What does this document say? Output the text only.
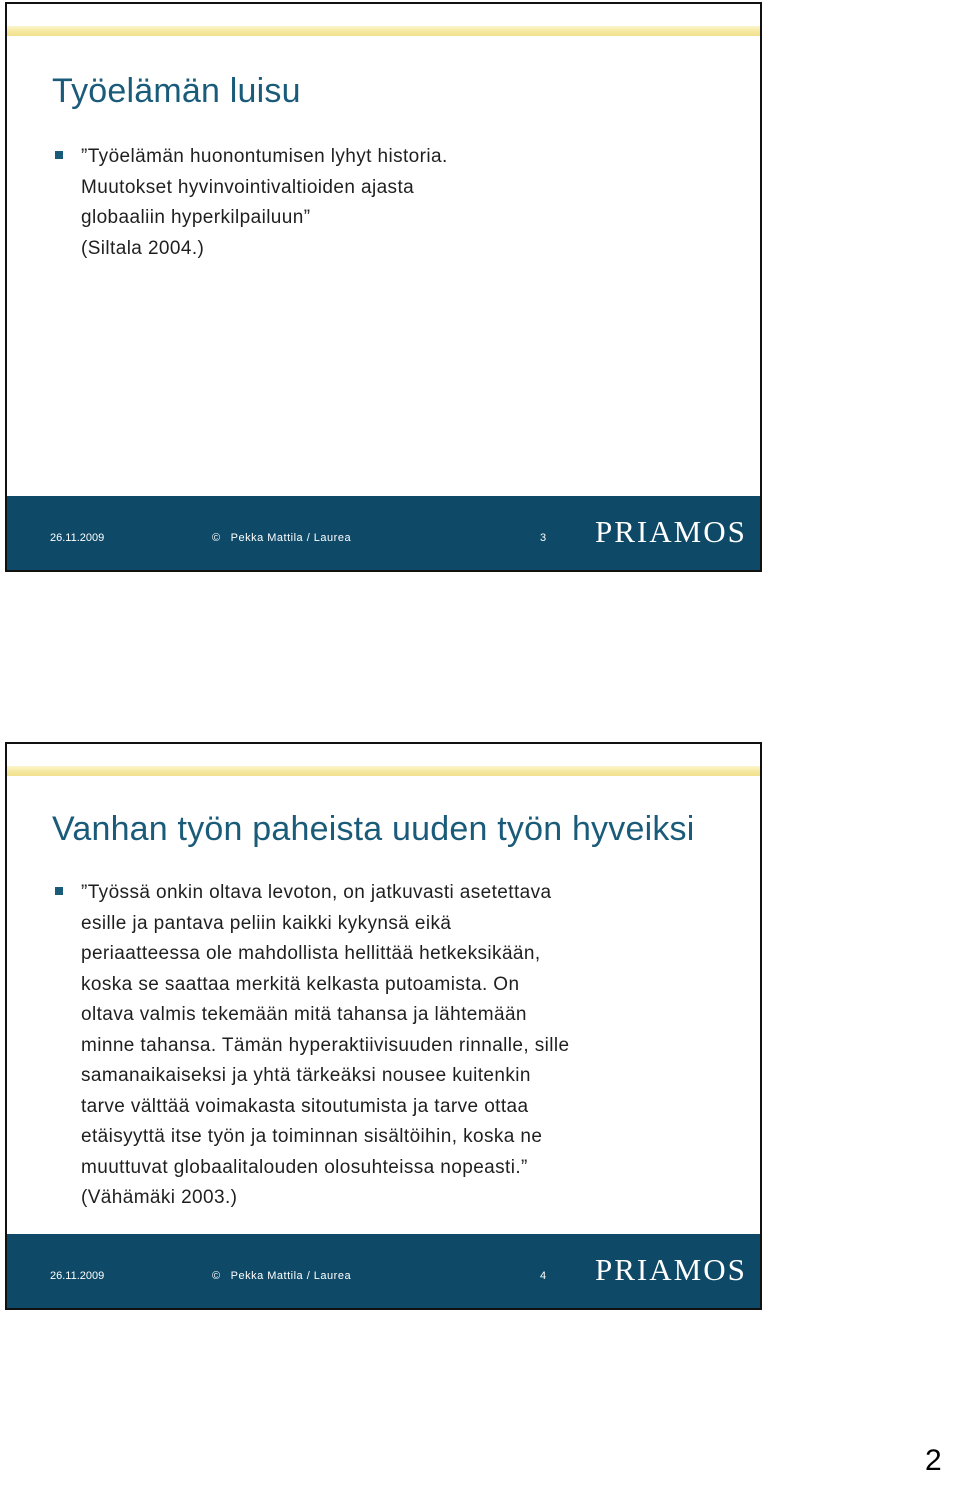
Työelämän luisu

”Työelämän huonontumisen lyhyt historia.
Muutokset hyvinvointivaltioiden ajasta
globaaliin hyperkilpailuun”
(Siltala 2004.)

26.11.2009	© Pekka Mattila / Laurea	3 PRIAMOS
Vanhan työn paheista uuden työn hyveiksi

”Työssä onkin oltava levoton, on jatkuvasti asetettava
esille ja pantava peliin kaikki kykynsä eikä
periaatteessa ole mahdollista hellittää hetkeksikään,
koska se saattaa merkitä kelkasta putoamista. On
oltava valmis tekemään mitä tahansa ja lähtemään
minne tahansa. Tämän hyperaktiivisuuden rinnalle, sille
samanaikaiseksi ja yhtä tärkeäksi nousee kuitenkin
tarve välttää voimakasta sitoutumista ja tarve ottaa
etäisyyttä itse työn ja toiminnan sisältöihin, koska ne
muuttuvat globaalitalouden olosuhteissa nopeasti.”
(Vähämäki 2003.)

26.11.2009	© Pekka Mattila / Laurea	4 PRIAMOS
2
